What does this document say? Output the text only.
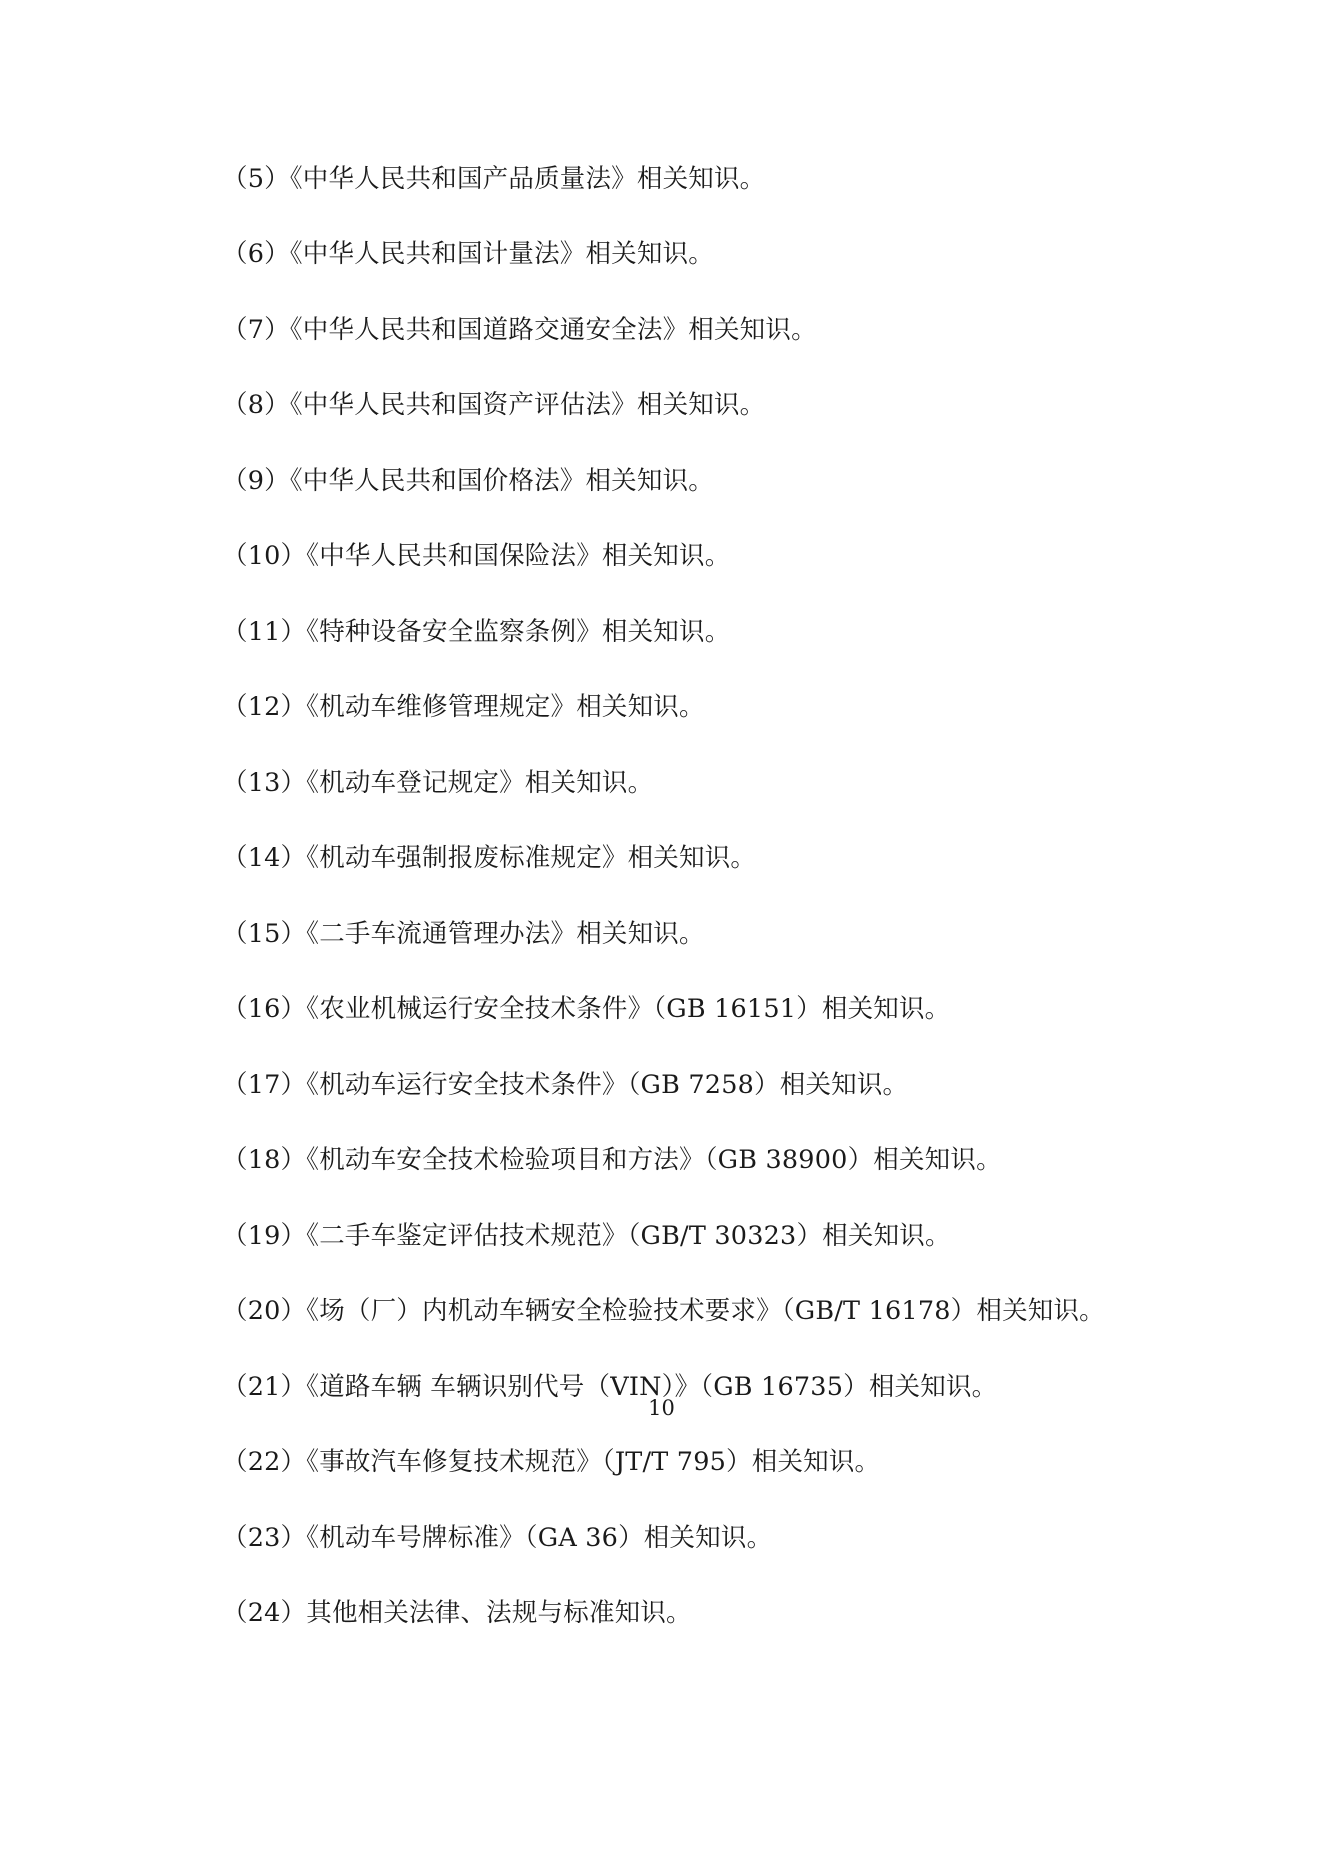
（5）《中华人民共和国产品质量法》相关知识。

（6）《中华人民共和国计量法》相关知识。

（7）《中华人民共和国道路交通安全法》相关知识。

（8）《中华人民共和国资产评估法》相关知识。

（9）《中华人民共和国价格法》相关知识。

（10）《中华人民共和国保险法》相关知识。

（11）《特种设备安全监察条例》相关知识。

（12）《机动车维修管理规定》相关知识。

（13）《机动车登记规定》相关知识。

（14）《机动车强制报废标准规定》相关知识。

（15）《二手车流通管理办法》相关知识。

（16）《农业机械运行安全技术条件》（GB 16151）相关知识。

（17）《机动车运行安全技术条件》（GB 7258）相关知识。

（18）《机动车安全技术检验项目和方法》（GB 38900）相关知识。

（19）《二手车鉴定评估技术规范》（GB/T 30323）相关知识。

（20）《场（厂）内机动车辆安全检验技术要求》（GB/T 16178）相关知识。

（21）《道路车辆 车辆识别代号（VIN）》（GB 16735）相关知识。

（22）《事故汽车修复技术规范》（JT/T 795）相关知识。

（23）《机动车号牌标准》（GA 36）相关知识。

（24）其他相关法律、法规与标准知识。

10
